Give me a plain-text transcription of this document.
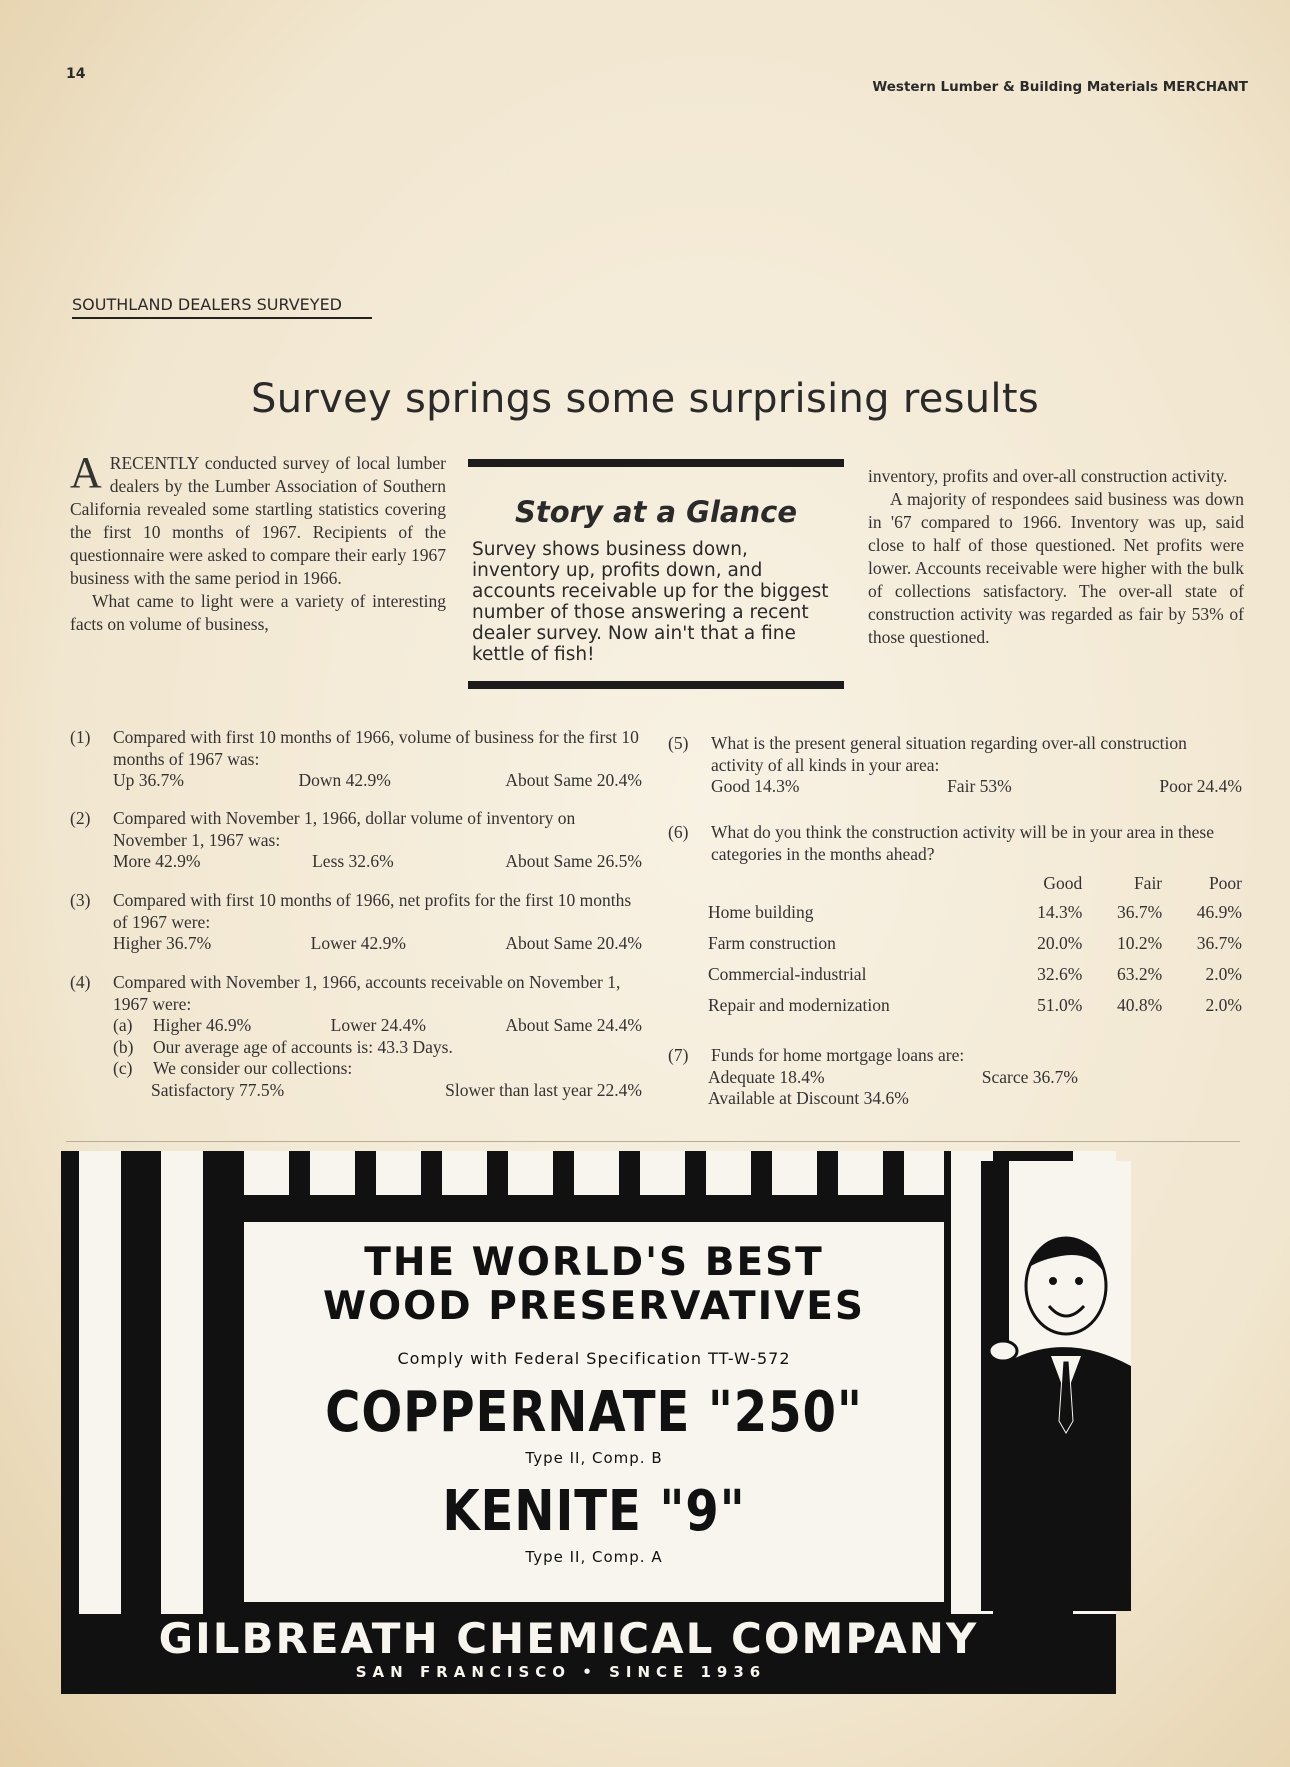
14
Western Lumber & Building Materials MERCHANT
SOUTHLAND DEALERS SURVEYED
Survey springs some surprising results
ARECENTLY conducted survey of local lumber dealers by the Lumber Association of Southern California revealed some startling statistics covering the first 10 months of 1967. Recipients of the questionnaire were asked to compare their early 1967 business with the same period in 1966.

What came to light were a variety of interesting facts on volume of business,

Story at a Glance
Survey shows business down, inventory up, profits down, and accounts receivable up for the biggest number of those answering a recent dealer survey. Now ain't that a fine kettle of fish!
inventory, profits and over-all construction activity.

A majority of respondees said business was down in '67 compared to 1966. Inventory was up, said close to half of those questioned. Net profits were lower. Accounts receivable were higher with the bulk of collections satisfactory. The over-all state of construction activity was regarded as fair by 53% of those questioned.

(1) Compared with first 10 months of 1966, volume of business for the first 10 months of 1967 was:
Up 36.7%	Down 42.9%	About Same 20.4%
(2) Compared with November 1, 1966, dollar volume of inventory on November 1, 1967 was:
More 42.9%	Less 32.6%	About Same 26.5%
(3) Compared with first 10 months of 1966, net profits for the first 10 months of 1967 were:
Higher 36.7%	Lower 42.9%	About Same 20.4%
(4) Compared with November 1, 1966, accounts receivable on November 1, 1967 were:
(a) Higher 46.9%	Lower 24.4%	About Same 24.4%
(b) Our average age of accounts is: 43.3 Days.
(c) We consider our collections:
Satisfactory 77.5%	Slower than last year 22.4%
(5) What is the present general situation regarding over-all construction activity of all kinds in your area:
Good 14.3%	Fair 53%	Poor 24.4%
(6) What do you think the construction activity will be in your area in these categories in the months ahead?
	Good	Fair	Poor
Home building	14.3%	36.7%	46.9%
Farm construction	20.0%	10.2%	36.7%
Commercial-industrial	32.6%	63.2%	2.0%
Repair and modernization	51.0%	40.8%	2.0%
(7) Funds for home mortgage loans are:
Adequate 18.4%	Scarce 36.7%
Available at Discount 34.6%
THE WORLD'S BEST
WOOD PRESERVATIVES
Comply with Federal Specification TT-W-572
COPPERNATE "250"
Type II, Comp. B
KENITE "9"
Type II, Comp. A
GILBREATH CHEMICAL COMPANY
SAN FRANCISCO • SINCE 1936
